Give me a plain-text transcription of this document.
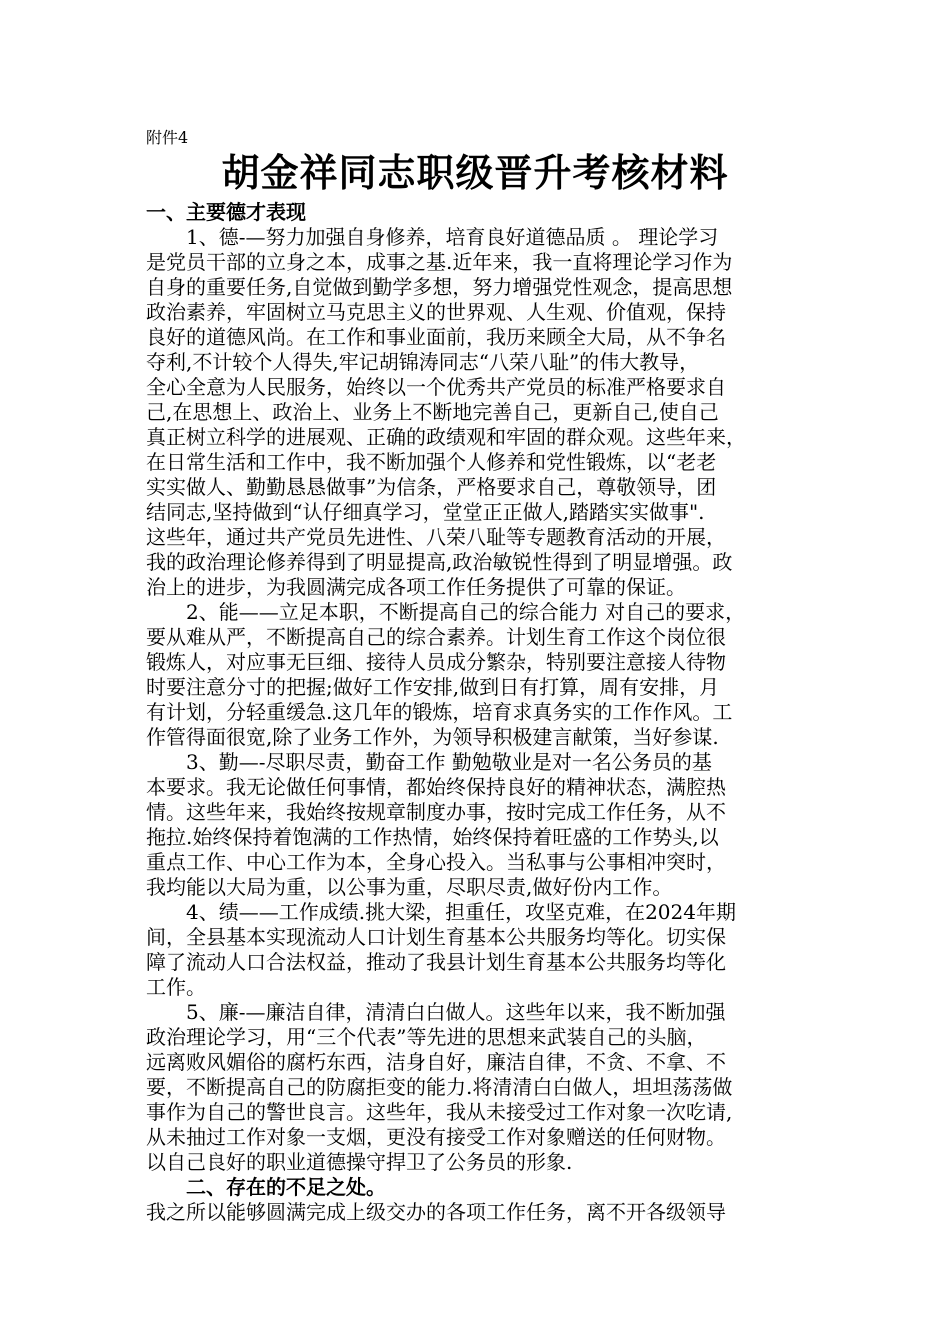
附件4
胡金祥同志职级晋升考核材料
一、主要德才表现
1、德-—努力加强自身修养，培育良好道德品质 。 理论学习
是党员干部的立身之本，成事之基.近年来，我一直将理论学习作为
自身的重要任务,自觉做到勤学多想，努力增强党性观念，提高思想
政治素养，牢固树立马克思主义的世界观、人生观、价值观，保持
良好的道德风尚。在工作和事业面前，我历来顾全大局，从不争名
夺利,不计较个人得失,牢记胡锦涛同志“八荣八耻”的伟大教导，
全心全意为人民服务，始终以一个优秀共产党员的标准严格要求自
己,在思想上、政治上、业务上不断地完善自己，更新自己,使自己
真正树立科学的进展观、正确的政绩观和牢固的群众观。这些年来，
在日常生活和工作中，我不断加强个人修养和党性锻炼，以“老老
实实做人、勤勤恳恳做事”为信条，严格要求自己，尊敬领导，团
结同志,坚持做到“认仔细真学习，堂堂正正做人,踏踏实实做事".
这些年，通过共产党员先进性、八荣八耻等专题教育活动的开展，
我的政治理论修养得到了明显提高,政治敏锐性得到了明显增强。政
治上的进步，为我圆满完成各项工作任务提供了可靠的保证。
2、能——立足本职，不断提高自己的综合能力 对自己的要求，
要从难从严，不断提高自己的综合素养。计划生育工作这个岗位很
锻炼人，对应事无巨细、接待人员成分繁杂，特别要注意接人待物
时要注意分寸的把握;做好工作安排,做到日有打算，周有安排，月
有计划，分轻重缓急.这几年的锻炼，培育求真务实的工作作风。工
作管得面很宽,除了业务工作外，为领导积极建言献策，当好参谋.
3、勤—-尽职尽责，勤奋工作 勤勉敬业是对一名公务员的基
本要求。我无论做任何事情，都始终保持良好的精神状态，满腔热
情。这些年来，我始终按规章制度办事，按时完成工作任务，从不
拖拉.始终保持着饱满的工作热情，始终保持着旺盛的工作势头,以
重点工作、中心工作为本，全身心投入。当私事与公事相冲突时，
我均能以大局为重，以公事为重，尽职尽责,做好份内工作。
4、绩——工作成绩.挑大梁，担重任，攻坚克难，在2024年期
间，全县基本实现流动人口计划生育基本公共服务均等化。切实保
障了流动人口合法权益，推动了我县计划生育基本公共服务均等化
工作。
5、廉-—廉洁自律，清清白白做人。这些年以来，我不断加强
政治理论学习，用“三个代表”等先进的思想来武装自己的头脑，
远离败风媚俗的腐朽东西，洁身自好，廉洁自律，不贪、不拿、不
要，不断提高自己的防腐拒变的能力.将清清白白做人，坦坦荡荡做
事作为自己的警世良言。这些年，我从未接受过工作对象一次吃请,
从未抽过工作对象一支烟，更没有接受工作对象赠送的任何财物。
以自己良好的职业道德操守捍卫了公务员的形象.
二、存在的不足之处。
我之所以能够圆满完成上级交办的各项工作任务，离不开各级领导
